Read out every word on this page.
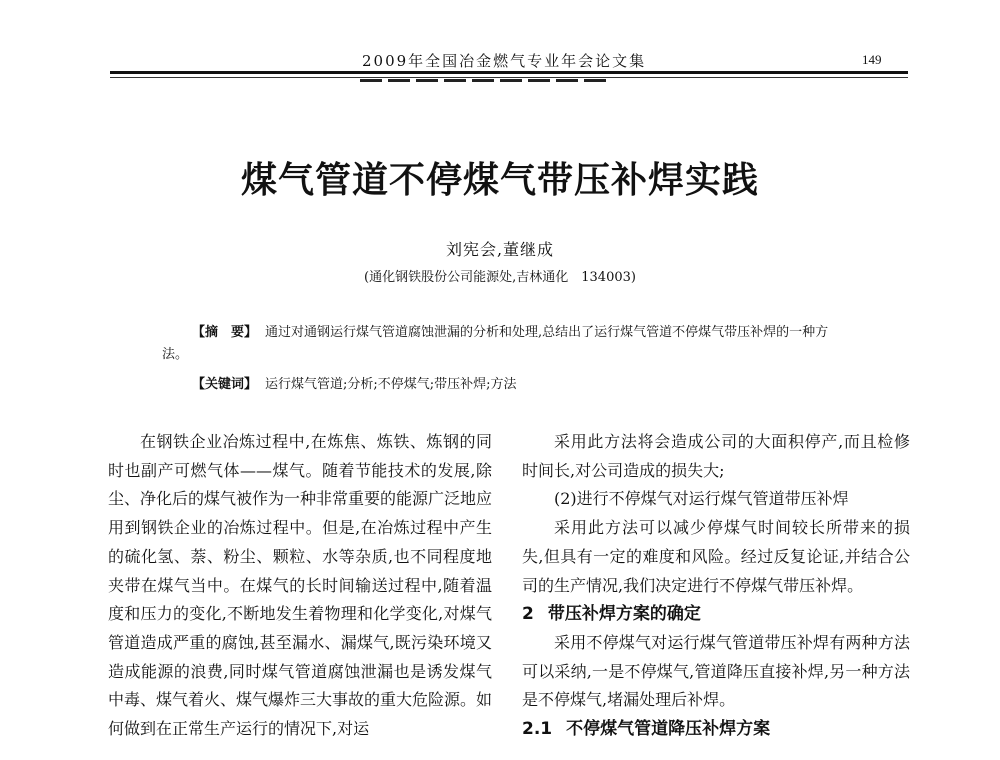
2009年全国冶金燃气专业年会论文集	149
煤气管道不停煤气带压补焊实践
刘宪会,董继成
(通化钢铁股份公司能源处,吉林通化　134003)
【摘　要】 通过对通钢运行煤气管道腐蚀泄漏的分析和处理,总结出了运行煤气管道不停煤气带压补焊的一种方法。
【关键词】 运行煤气管道;分析;不停煤气;带压补焊;方法

在钢铁企业冶炼过程中,在炼焦、炼铁、炼钢的同时也副产可燃气体——煤气。随着节能技术的发展,除尘、净化后的煤气被作为一种非常重要的能源广泛地应用到钢铁企业的冶炼过程中。但是,在冶炼过程中产生的硫化氢、萘、粉尘、颗粒、水等杂质,也不同程度地夹带在煤气当中。在煤气的长时间输送过程中,随着温度和压力的变化,不断地发生着物理和化学变化,对煤气管道造成严重的腐蚀,甚至漏水、漏煤气,既污染环境又造成能源的浪费,同时煤气管道腐蚀泄漏也是诱发煤气中毒、煤气着火、煤气爆炸三大事故的重大危险源。如何做到在正常生产运行的情况下,对运

采用此方法将会造成公司的大面积停产,而且检修时间长,对公司造成的损失大;

(2)进行不停煤气对运行煤气管道带压补焊

采用此方法可以减少停煤气时间较长所带来的损失,但具有一定的难度和风险。经过反复论证,并结合公司的生产情况,我们决定进行不停煤气带压补焊。

2 带压补焊方案的确定

采用不停煤气对运行煤气管道带压补焊有两种方法可以采纳,一是不停煤气,管道降压直接补焊,另一种方法是不停煤气,堵漏处理后补焊。

2.1 不停煤气管道降压补焊方案
